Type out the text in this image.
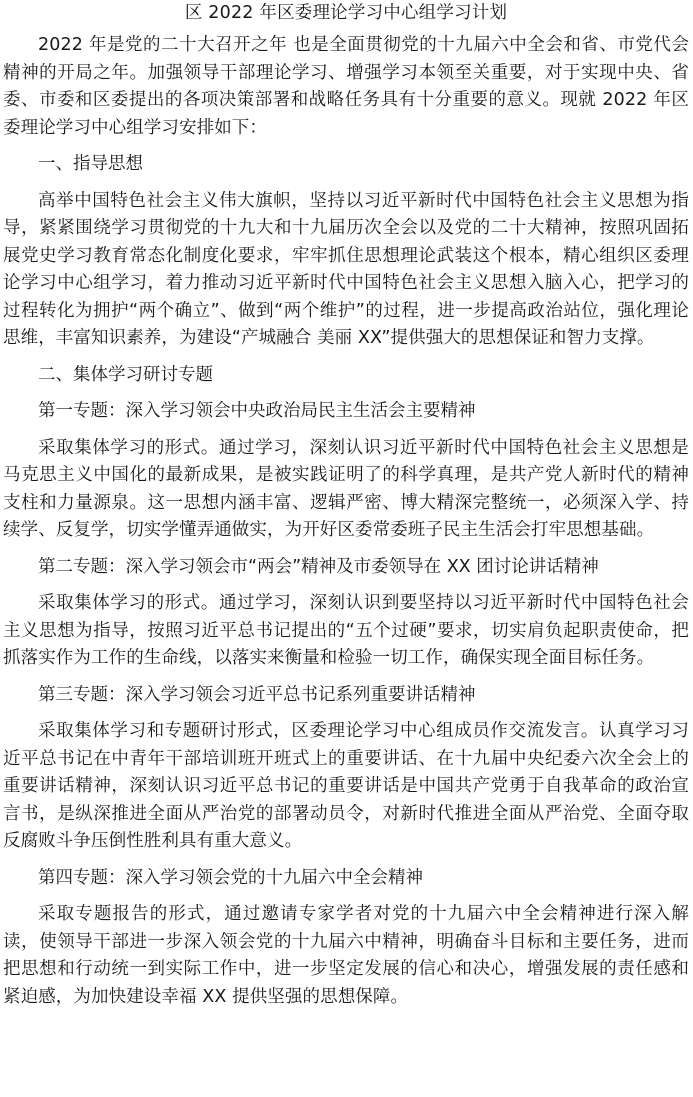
区 2022 年区委理论学习中心组学习计划

2022 年是党的二十大召开之年 也是全面贯彻党的十九届六中全会和省、市党代会精神的开局之年。加强领导干部理论学习、增强学习本领至关重要，对于实现中央、省委、市委和区委提出的各项决策部署和战略任务具有十分重要的意义。现就 2022 年区委理论学习中心组学习安排如下：

一、指导思想

高举中国特色社会主义伟大旗帜，坚持以习近平新时代中国特色社会主义思想为指导，紧紧围绕学习贯彻党的十九大和十九届历次全会以及党的二十大精神，按照巩固拓展党史学习教育常态化制度化要求，牢牢抓住思想理论武装这个根本，精心组织区委理论学习中心组学习，着力推动习近平新时代中国特色社会主义思想入脑入心，把学习的过程转化为拥护“两个确立”、做到“两个维护”的过程，进一步提高政治站位，强化理论思维，丰富知识素养，为建设“产城融合 美丽 XX”提供强大的思想保证和智力支撑。

二、集体学习研讨专题

第一专题：深入学习领会中央政治局民主生活会主要精神

采取集体学习的形式。通过学习，深刻认识习近平新时代中国特色社会主义思想是马克思主义中国化的最新成果，是被实践证明了的科学真理，是共产党人新时代的精神支柱和力量源泉。这一思想内涵丰富、逻辑严密、博大精深完整统一，必须深入学、持续学、反复学，切实学懂弄通做实，为开好区委常委班子民主生活会打牢思想基础。

第二专题：深入学习领会市“两会”精神及市委领导在 XX 团讨论讲话精神

采取集体学习的形式。通过学习，深刻认识到要坚持以习近平新时代中国特色社会主义思想为指导，按照习近平总书记提出的“五个过硬”要求，切实肩负起职责使命，把抓落实作为工作的生命线，以落实来衡量和检验一切工作，确保实现全面目标任务。

第三专题：深入学习领会习近平总书记系列重要讲话精神

采取集体学习和专题研讨形式，区委理论学习中心组成员作交流发言。认真学习习近平总书记在中青年干部培训班开班式上的重要讲话、在十九届中央纪委六次全会上的重要讲话精神，深刻认识习近平总书记的重要讲话是中国共产党勇于自我革命的政治宣言书，是纵深推进全面从严治党的部署动员令，对新时代推进全面从严治党、全面夺取反腐败斗争压倒性胜利具有重大意义。

第四专题：深入学习领会党的十九届六中全会精神

采取专题报告的形式，通过邀请专家学者对党的十九届六中全会精神进行深入解读，使领导干部进一步深入领会党的十九届六中精神，明确奋斗目标和主要任务，进而把思想和行动统一到实际工作中，进一步坚定发展的信心和决心，增强发展的责任感和紧迫感，为加快建设幸福 XX 提供坚强的思想保障。
